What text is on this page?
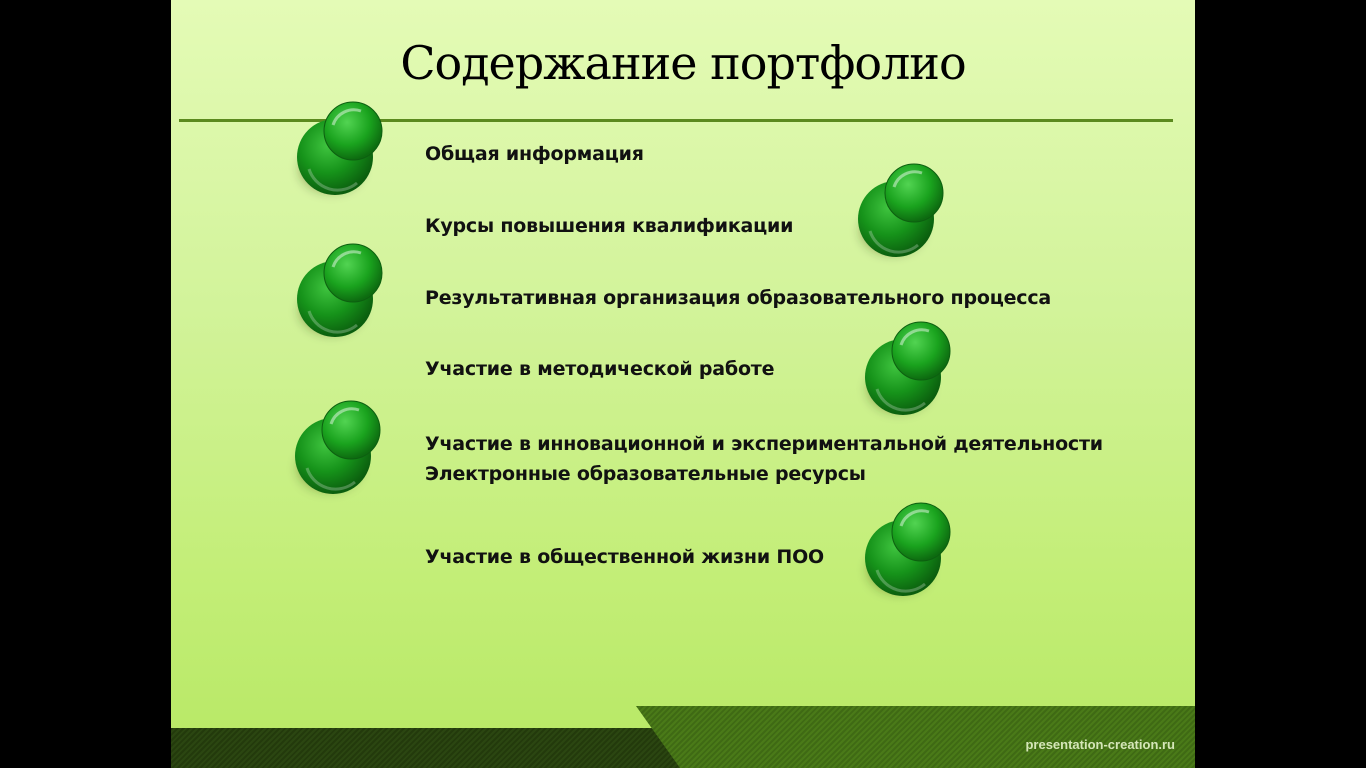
Содержание портфолио
Общая информация
Курсы повышения квалификации
Результативная организация образовательного процесса
Участие в методической работе
Участие в инновационной и экспериментальной деятельности
Электронные образовательные ресурсы
Участие в общественной жизни ПОО
presentation-creation.ru
